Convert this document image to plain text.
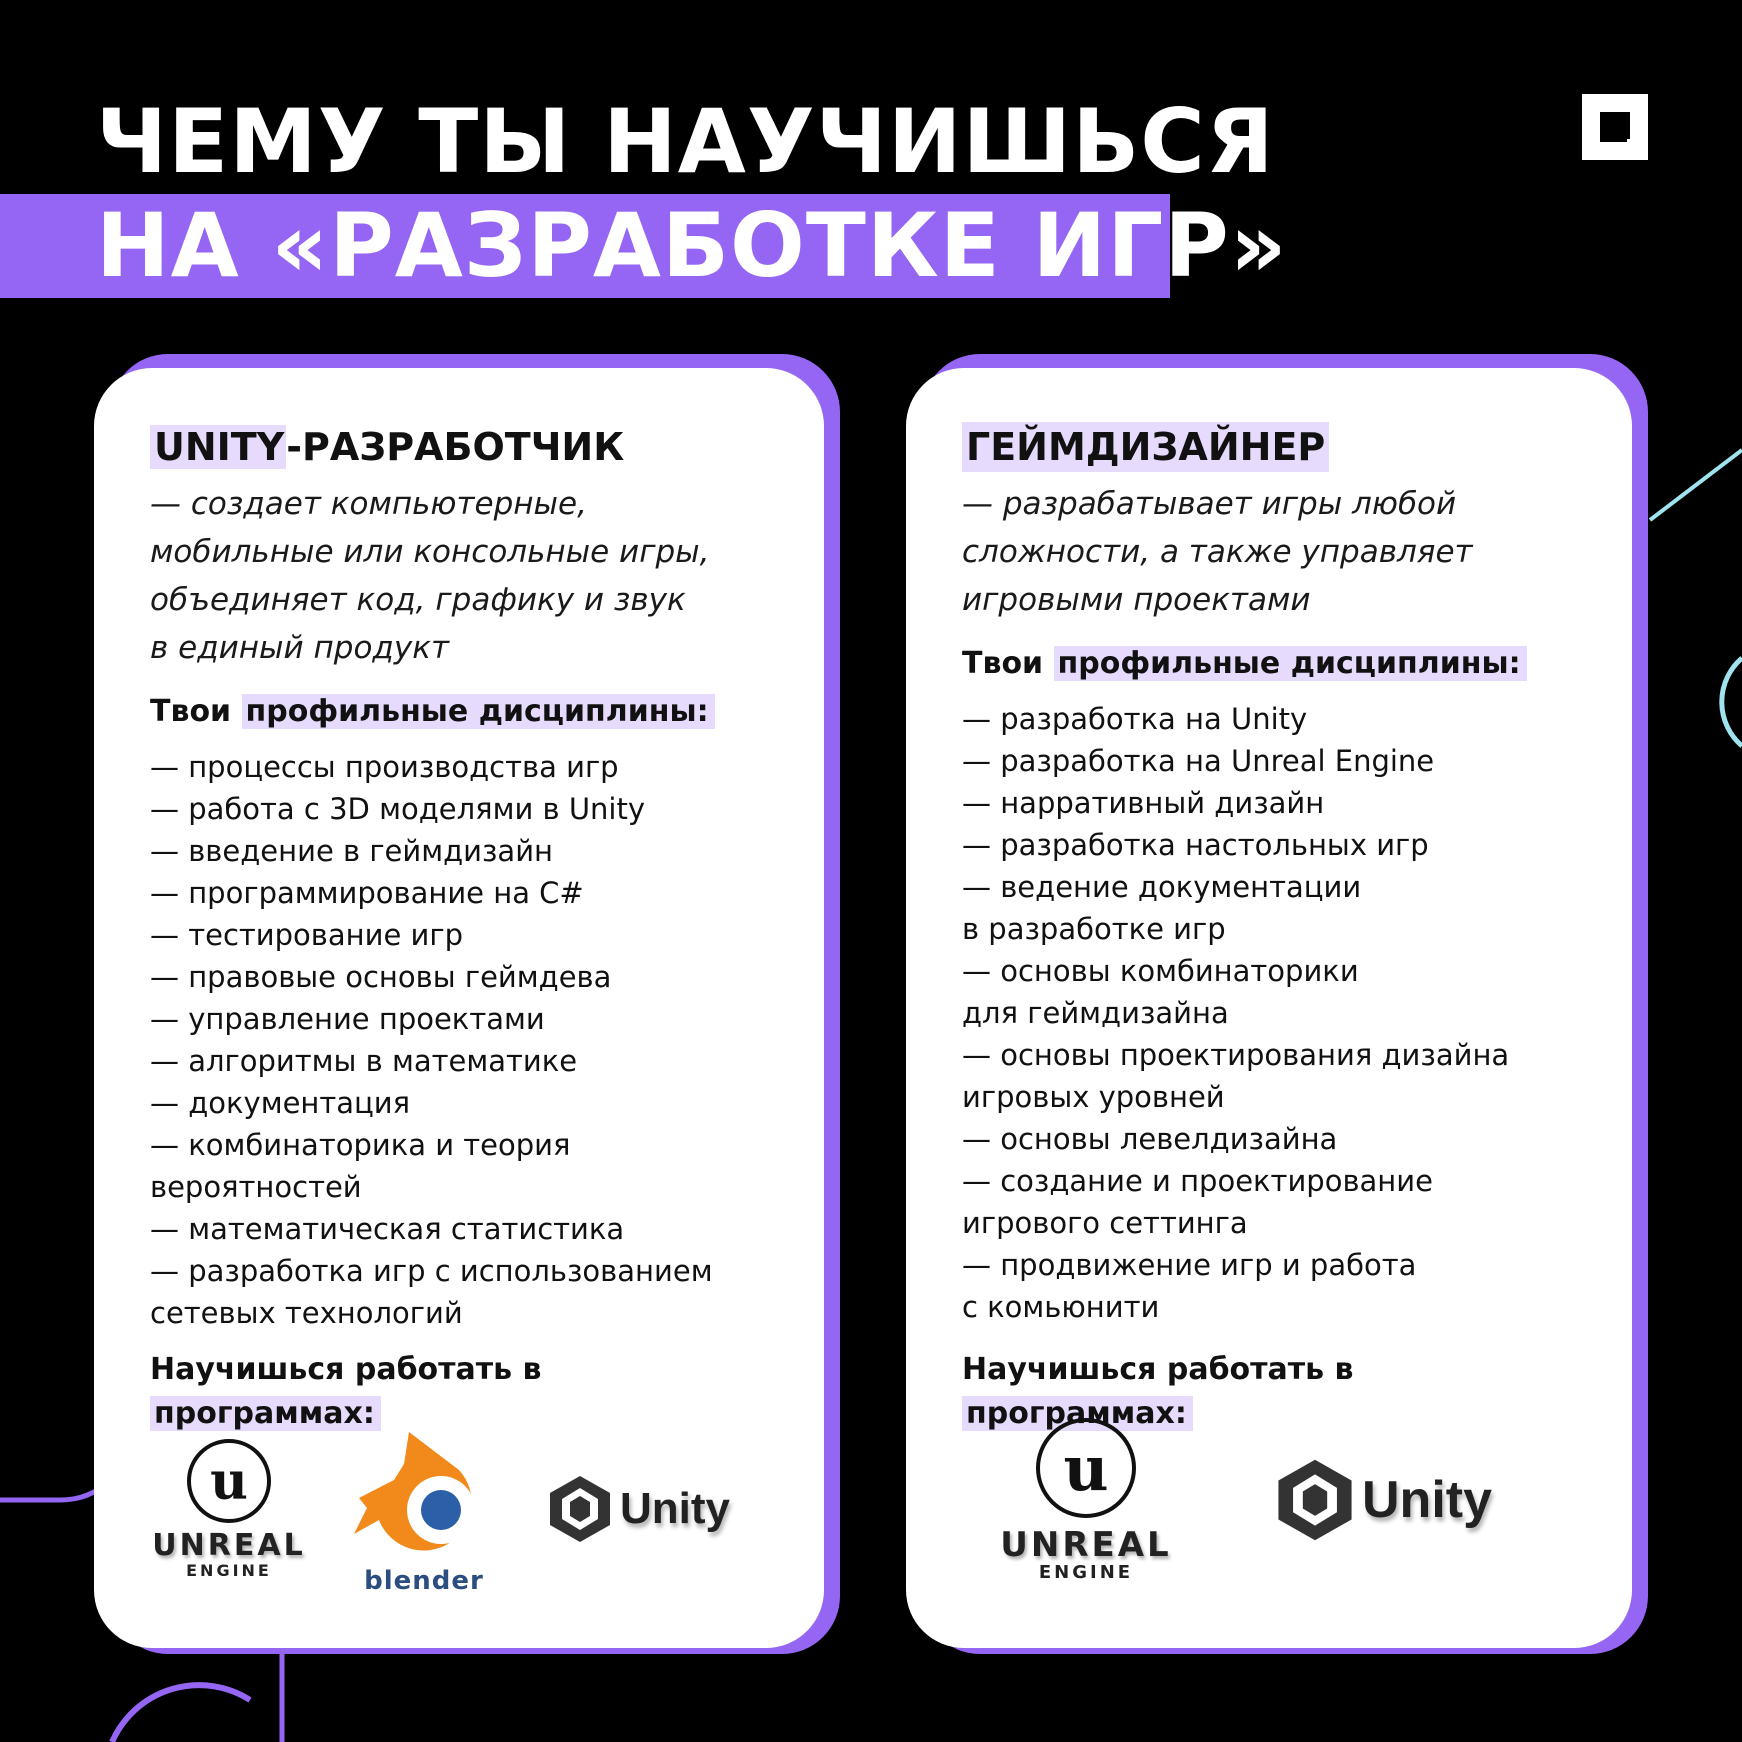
ЧЕМУ ТЫ НАУЧИШЬСЯ
НА «РАЗРАБОТКЕ ИГР»
UNITY-РАЗРАБОТЧИК
— создает компьютерные,
мобильные или консольные игры,
объединяет код, графику и звук
в единый продукт
Твои профильные дисциплины:
— процессы производства игр
— работа с 3D моделями в Unity
— введение в геймдизайн
— программирование на C#
— тестирование игр
— правовые основы геймдева
— управление проектами
— алгоритмы в математике
— документация
— комбинаторика и теория
вероятностей
— математическая статистика
— разработка игр с использованием
сетевых технологий
Научишься работать в программах:
u
UNREAL
ENGINE	blender
Unity
ГЕЙМДИЗАЙНЕР
— разрабатывает игры любой
сложности, а также управляет
игровыми проектами
Твои профильные дисциплины:
— разработка на Unity
— разработка на Unreal Engine
— нарративный дизайн
— разработка настольных игр
— ведение документации
в разработке игр
— основы комбинаторики
для геймдизайна
— основы проектирования дизайна
игровых уровней
— основы левелдизайна
— создание и проектирование
игрового сеттинга
— продвижение игр и работа
с комьюнити
Научишься работать в программах:
u
UNREAL
ENGINE
Unity
